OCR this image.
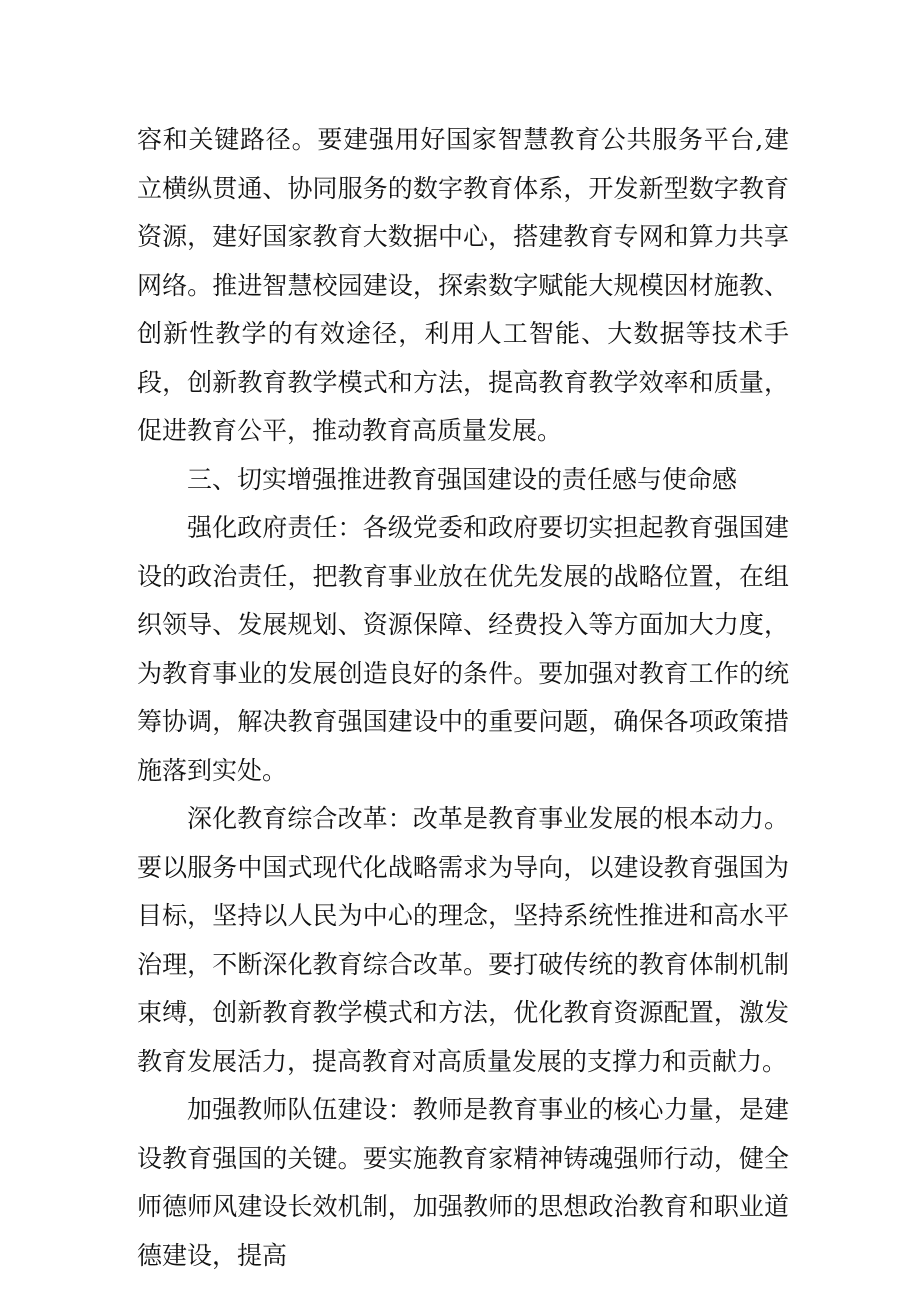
容和关键路径。要建强用好国家智慧教育公共服务平台,建立横纵贯通、协同服务的数字教育体系，开发新型数字教育资源，建好国家教育大数据中心，搭建教育专网和算力共享网络。推进智慧校园建设，探索数字赋能大规模因材施教、创新性教学的有效途径，利用人工智能、大数据等技术手段，创新教育教学模式和方法，提高教育教学效率和质量，促进教育公平，推动教育高质量发展。

三、切实增强推进教育强国建设的责任感与使命感

强化政府责任：各级党委和政府要切实担起教育强国建设的政治责任，把教育事业放在优先发展的战略位置，在组织领导、发展规划、资源保障、经费投入等方面加大力度，为教育事业的发展创造良好的条件。要加强对教育工作的统筹协调，解决教育强国建设中的重要问题，确保各项政策措施落到实处。

深化教育综合改革：改革是教育事业发展的根本动力。要以服务中国式现代化战略需求为导向，以建设教育强国为目标，坚持以人民为中心的理念，坚持系统性推进和高水平治理，不断深化教育综合改革。要打破传统的教育体制机制束缚，创新教育教学模式和方法，优化教育资源配置，激发教育发展活力，提高教育对高质量发展的支撑力和贡献力。

加强教师队伍建设：教师是教育事业的核心力量，是建设教育强国的关键。要实施教育家精神铸魂强师行动，健全师德师风建设长效机制，加强教师的思想政治教育和职业道德建设，提高
